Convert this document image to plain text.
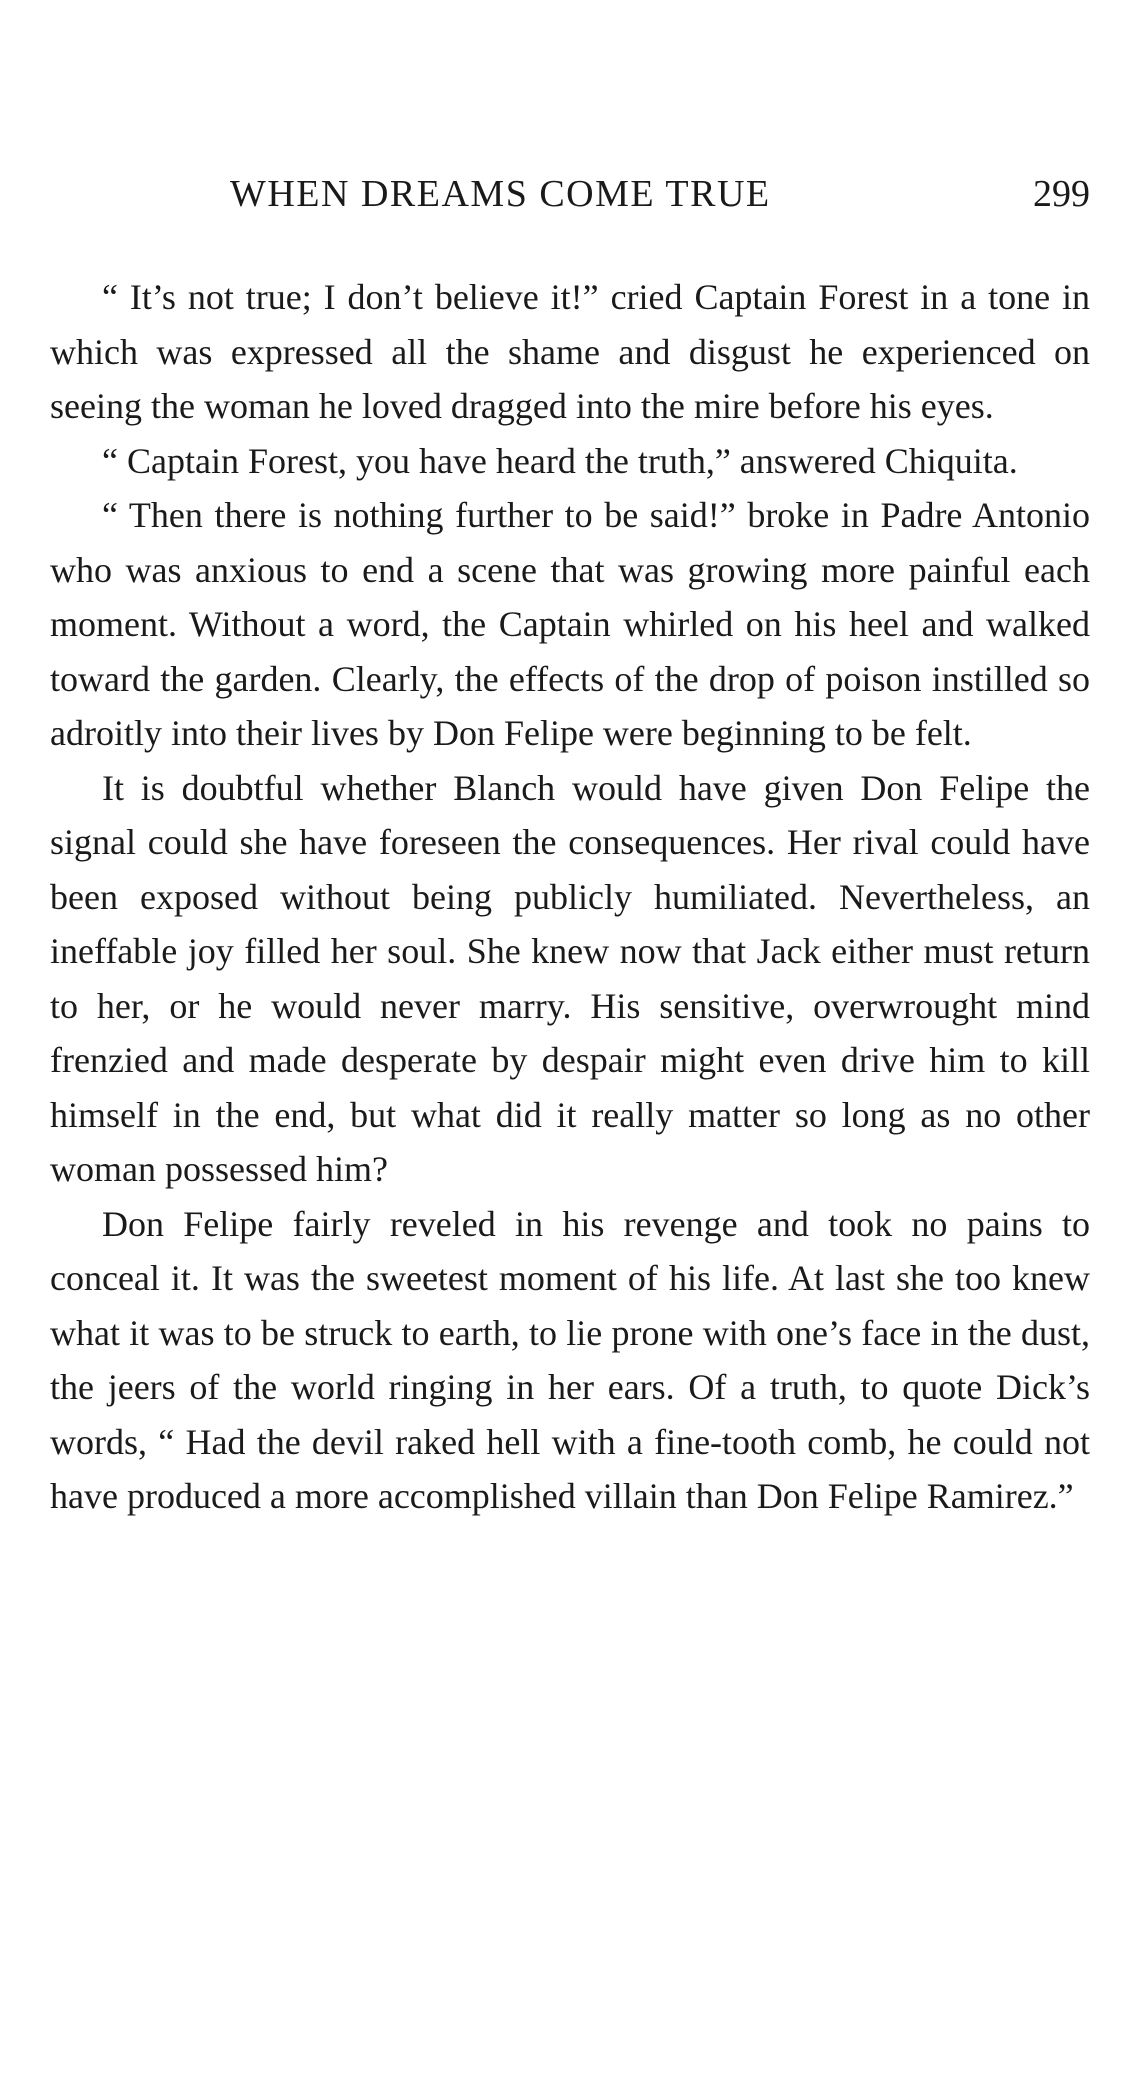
WHEN DREAMS COME TRUE	299

“ It’s not true; I don’t believe it!” cried Captain Forest in a tone in which was expressed all the shame and disgust he experienced on seeing the woman he loved dragged into the mire before his eyes.

“ Captain Forest, you have heard the truth,” answered Chiquita.

“ Then there is nothing further to be said!” broke in Padre Antonio who was anxious to end a scene that was growing more painful each moment. Without a word, the Captain whirled on his heel and walked toward the garden. Clearly, the effects of the drop of poison instilled so adroitly into their lives by Don Felipe were beginning to be felt.

It is doubtful whether Blanch would have given Don Felipe the signal could she have foreseen the consequences. Her rival could have been exposed without being publicly humiliated. Nevertheless, an ineffable joy filled her soul. She knew now that Jack either must return to her, or he would never marry. His sensitive, overwrought mind frenzied and made desperate by despair might even drive him to kill himself in the end, but what did it really matter so long as no other woman possessed him?

Don Felipe fairly reveled in his revenge and took no pains to conceal it. It was the sweetest moment of his life. At last she too knew what it was to be struck to earth, to lie prone with one’s face in the dust, the jeers of the world ringing in her ears. Of a truth, to quote Dick’s words, “ Had the devil raked hell with a fine-tooth comb, he could not have produced a more accomplished villain than Don Felipe Ramirez.”
